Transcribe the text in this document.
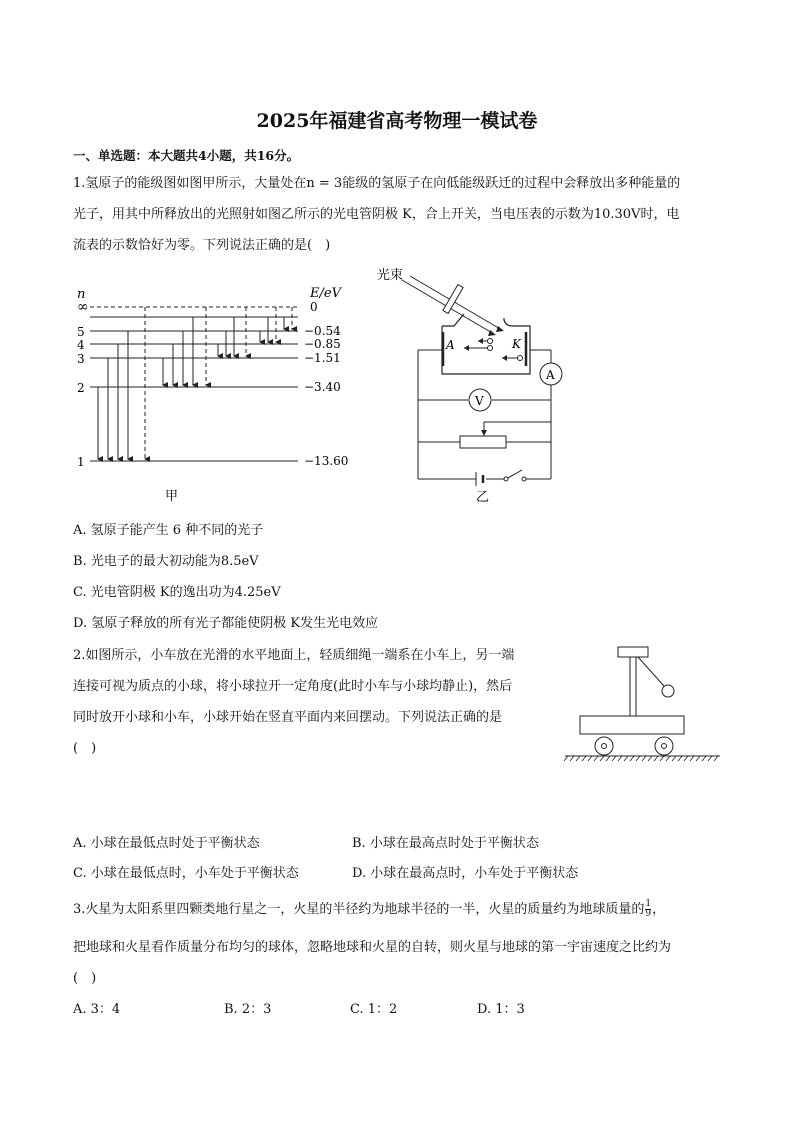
2025年福建省高考物理一模试卷
一、单选题：本大题共4小题，共16分。
1.氢原子的能级图如图甲所示，大量处在n = 3能级的氢原子在向低能级跃迁的过程中会释放出多种能量的
光子，用其中所释放出的光照射如图乙所示的光电管阴极 K，合上开关，当电压表的示数为10.30V时，电
流表的示数恰好为零。下列说法正确的是(　)
n	E/eV
∞
5
4
3
2
1
0
−0.54
−0.85
−1.51
−3.40
−13.60
甲
光束
A	K
A
V
乙
A. 氢原子能产生 6 种不同的光子
B. 光电子的最大初动能为8.5eV
C. 光电管阴极 K的逸出功为4.25eV
D. 氢原子释放的所有光子都能使阴极 K发生光电效应
2.如图所示，小车放在光滑的水平地面上，轻质细绳一端系在小车上，另一端
连接可视为质点的小球，将小球拉开一定角度(此时小车与小球均静止)，然后
同时放开小球和小车，小球开始在竖直平面内来回摆动。下列说法正确的是
(　)
A. 小球在最低点时处于平衡状态	B. 小球在最高点时处于平衡状态
C. 小球在最低点时，小车处于平衡状态	D. 小球在最高点时，小车处于平衡状态
3.火星为太阳系里四颗类地行星之一，火星的半径约为地球半径的一半，火星的质量约为地球质量的 $\frac{1}{9}$ ，
把地球和火星看作质量分布均匀的球体，忽略地球和火星的自转，则火星与地球的第一宇宙速度之比约为
(　)
A. 3：4	B. 2：3	C. 1：2	D. 1：3
